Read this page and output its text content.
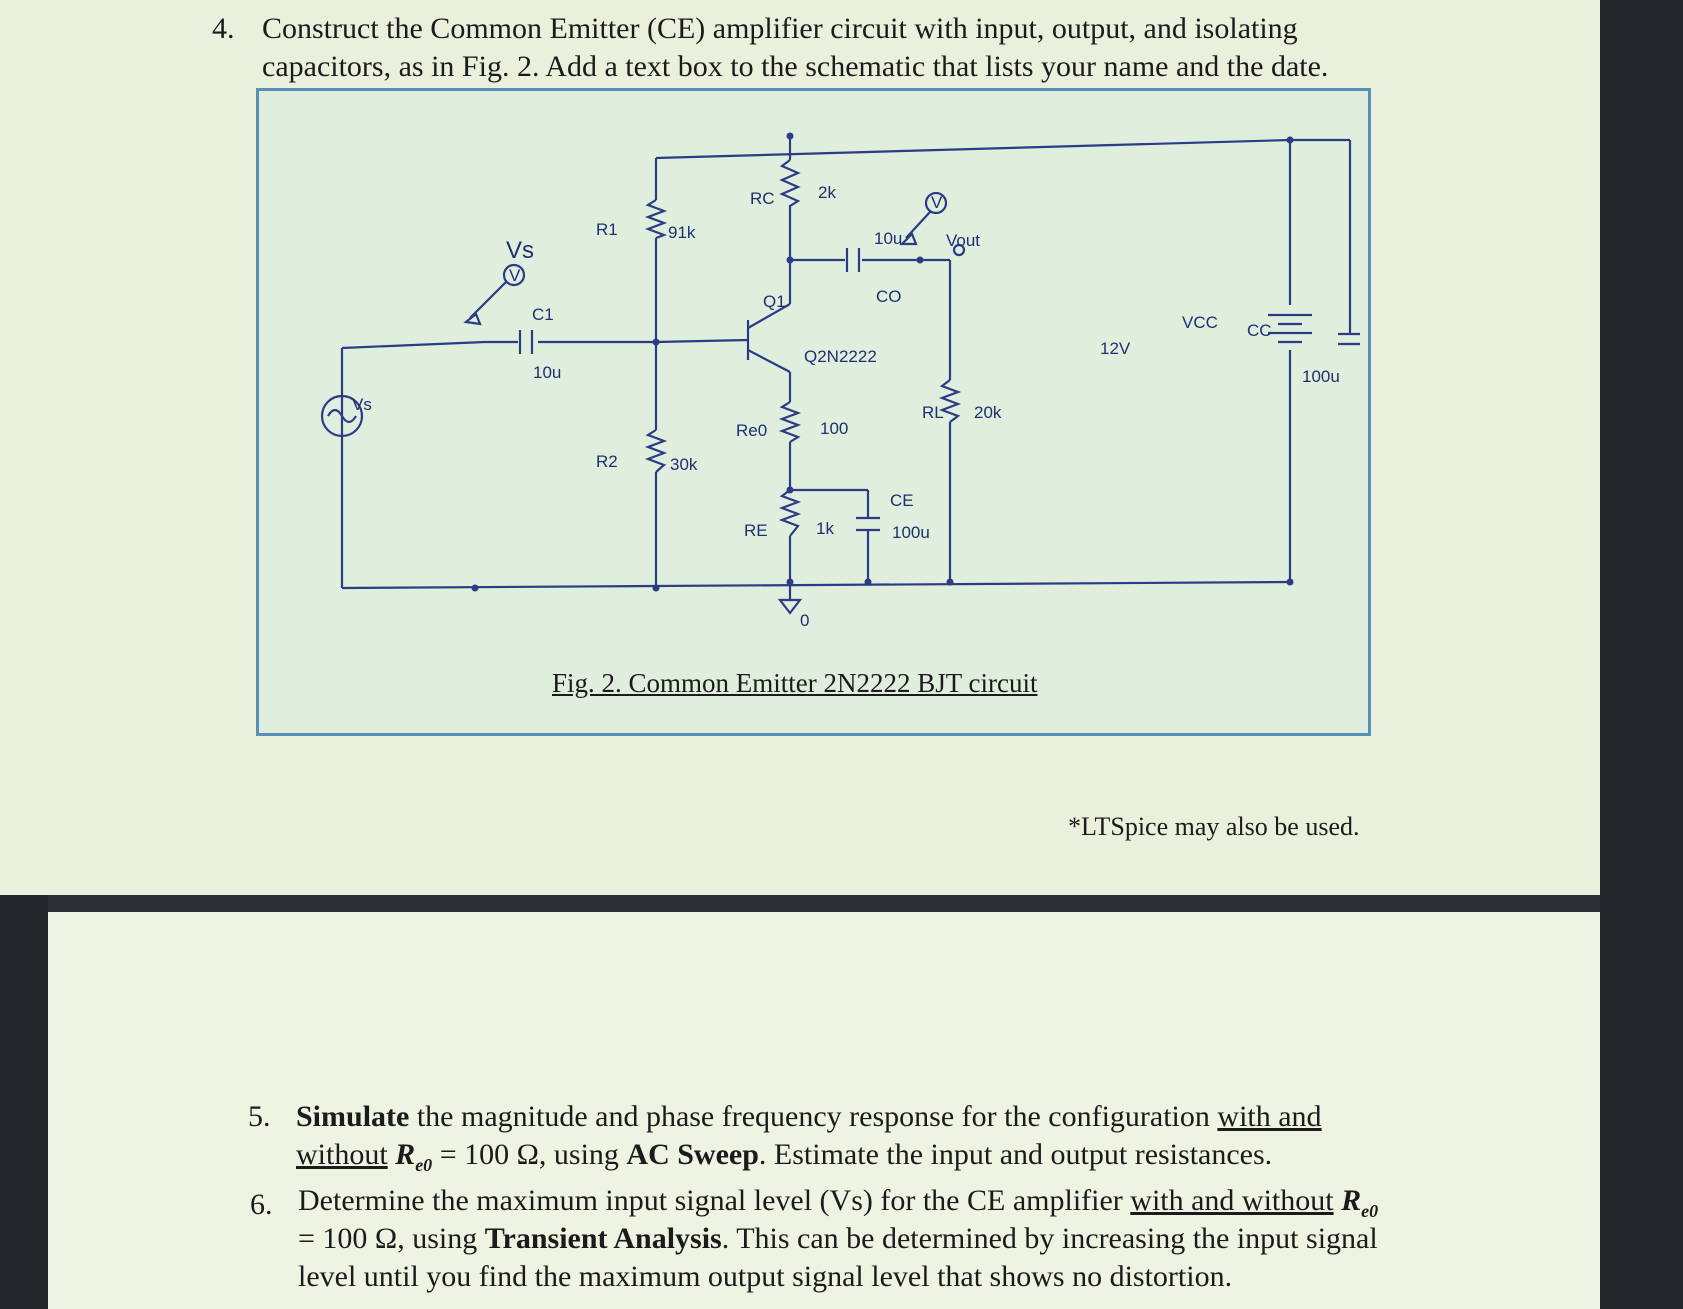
4. Construct the Common Emitter (CE) amplifier circuit with input, output, and isolating
capacitors, as in Fig. 2. Add a text box to the schematic that lists your name and the date.
Vs
Vs
V
C1
10u
R1	91k
R2	30k
RC	2k
Q1
Q2N2222
10u
CO
Vout
V
Re0	100
RE	1k
CE
100u
RL 20k
12V
VCC CC
100u
0
Fig. 2. Common Emitter 2N2222 BJT circuit
*LTSpice may also be used.
5. Simulate the magnitude and phase frequency response for the configuration with and
without $R_{e0} = 100$ Ω, using AC Sweep. Estimate the input and output resistances.
6. Determine the maximum input signal level (Vs) for the CE amplifier with and without $R_{e0}$
= 100 Ω, using Transient Analysis. This can be determined by increasing the input signal
level until you find the maximum output signal level that shows no distortion.
